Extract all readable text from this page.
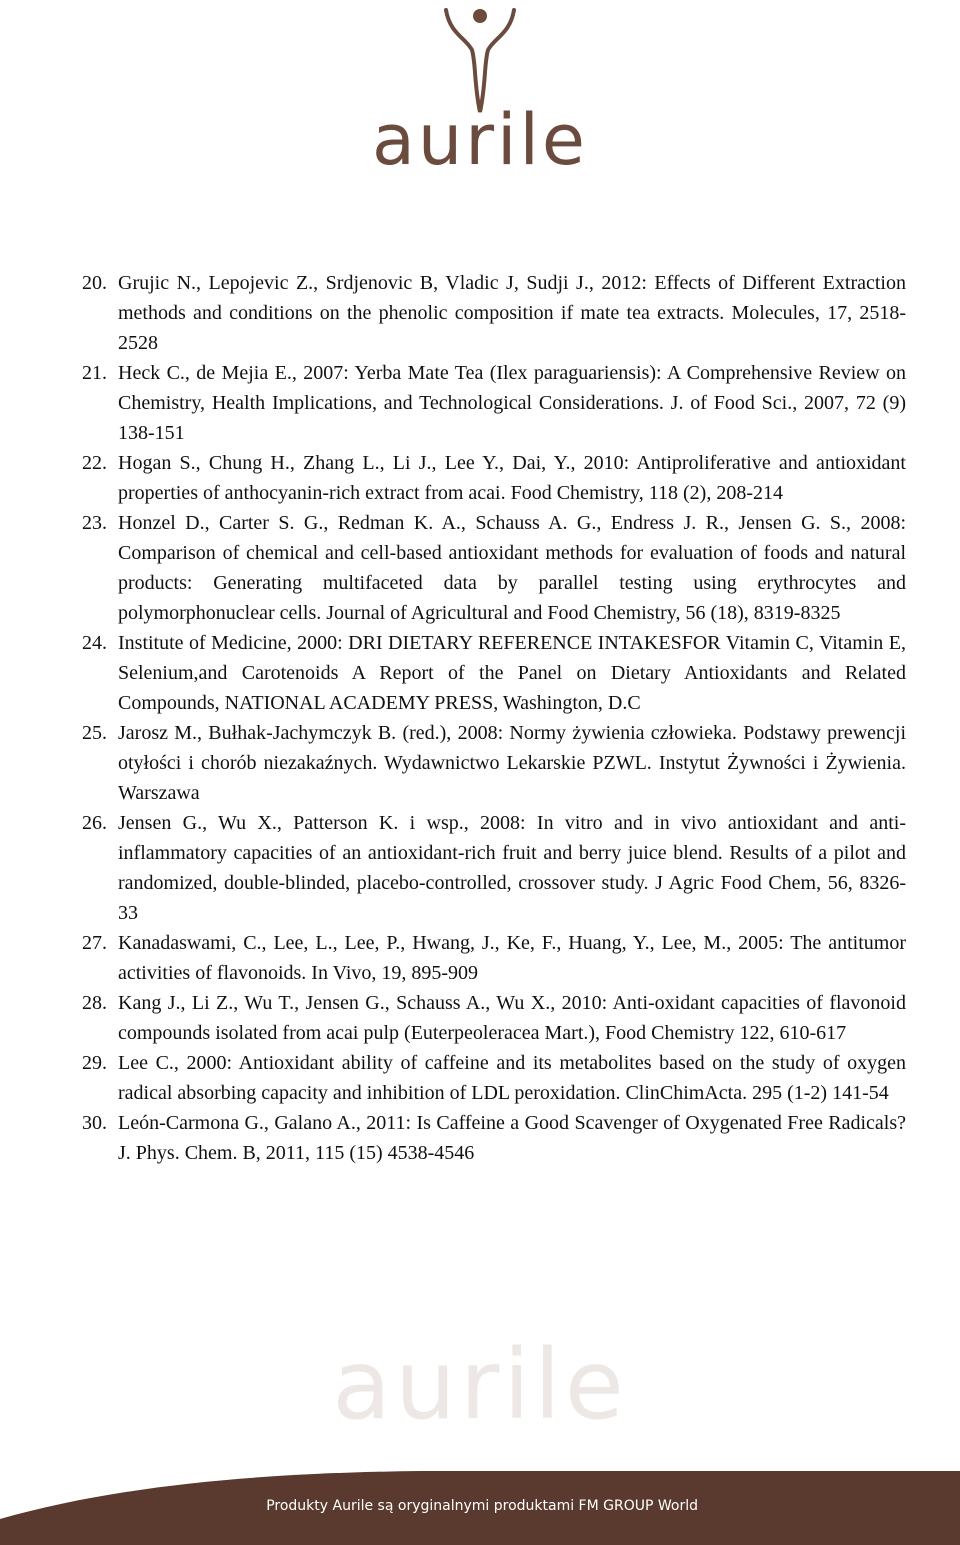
aurile
20. Grujic N., Lepojevic Z., Srdjenovic B, Vladic J, Sudji J., 2012: Effects of Different Extraction methods and conditions on the phenolic composition if mate tea extracts. Molecules, 17, 2518-2528
21. Heck C., de Mejia E., 2007: Yerba Mate Tea (Ilex paraguariensis): A Comprehensive Review on Chemistry, Health Implications, and Technological Considerations. J. of Food Sci., 2007, 72 (9) 138-151
22. Hogan S., Chung H., Zhang L., Li J., Lee Y., Dai, Y., 2010: Antiproliferative and antioxidant properties of anthocyanin-rich extract from acai. Food Chemistry, 118 (2), 208-214
23. Honzel D., Carter S. G., Redman K. A., Schauss A. G., Endress J. R., Jensen G. S., 2008: Comparison of chemical and cell-based antioxidant methods for evaluation of foods and natural products: Generating multifaceted data by parallel testing using erythrocytes and polymorphonuclear cells. Journal of Agricultural and Food Chemistry, 56 (18), 8319-8325
24. Institute of Medicine, 2000: DRI DIETARY REFERENCE INTAKESFOR Vitamin C, Vitamin E, Selenium,and Carotenoids A Report of the Panel on Dietary Antioxidants and Related Compounds, NATIONAL ACADEMY PRESS, Washington, D.C
25. Jarosz M., Bułhak-Jachymczyk B. (red.), 2008: Normy żywienia człowieka. Podstawy prewencji otyłości i chorób niezakaźnych. Wydawnictwo Lekarskie PZWL. Instytut Żywności i Żywienia. Warszawa
26. Jensen G., Wu X., Patterson K. i wsp., 2008: In vitro and in vivo antioxidant and anti-inflammatory capacities of an antioxidant-rich fruit and berry juice blend. Results of a pilot and randomized, double-blinded, placebo-controlled, crossover study. J Agric Food Chem, 56, 8326-33
27. Kanadaswami, C., Lee, L., Lee, P., Hwang, J., Ke, F., Huang, Y., Lee, M., 2005: The antitumor activities of flavonoids. In Vivo, 19, 895-909
28. Kang J., Li Z., Wu T., Jensen G., Schauss A., Wu X., 2010: Anti-oxidant capacities of flavonoid compounds isolated from acai pulp (Euterpeoleracea Mart.), Food Chemistry 122, 610-617
29. Lee C., 2000: Antioxidant ability of caffeine and its metabolites based on the study of oxygen radical absorbing capacity and inhibition of LDL peroxidation. ClinChimActa. 295 (1-2) 141-54
30. León-Carmona G., Galano A., 2011: Is Caffeine a Good Scavenger of Oxygenated Free Radicals? J. Phys. Chem. B, 2011, 115 (15) 4538-4546
aurile
Produkty Aurile są oryginalnymi produktami FM GROUP World
